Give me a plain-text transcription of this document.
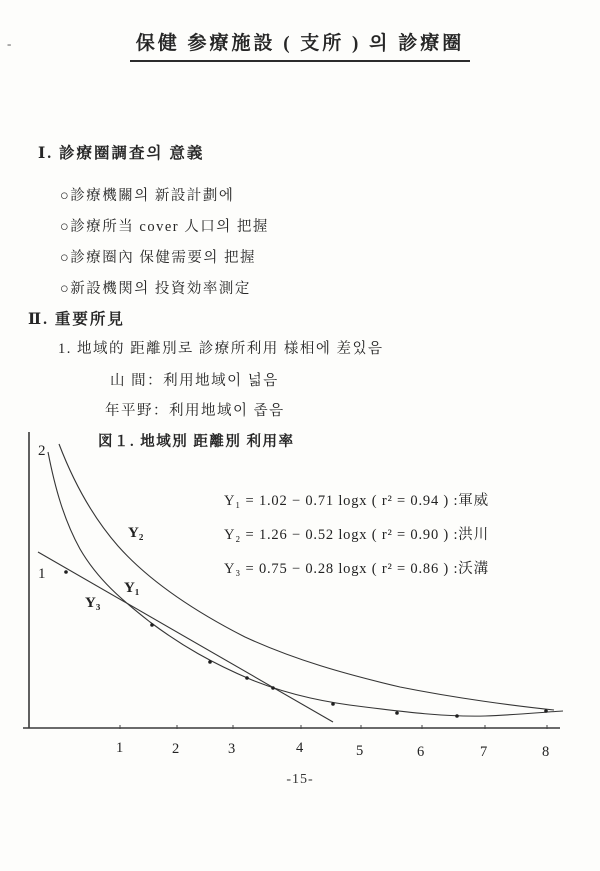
-	保健 参療施設 ( 支所 ) 의 診療圈
Ⅰ. 診療圈調査의 意義
○診療機關의 新設計劃에
○診療所当 cover 人口의 把握
○診療圈內 保健需要의 把握
○新設機関의 投資効率測定
Ⅱ. 重要所見
1. 地域的 距離別로 診療所利用 様相에 差있음
山 間：利用地域이 넓음
年平野：利用地域이 좁음
図１. 地域別 距離別 利用率
1	2	3	4	5	6	7	8
2
1
Y₂
Y₁
Y₃
Y₁ = 1.02 − 0.71 logx ( r² = 0.94 ) :軍威
Y₂ = 1.26 − 0.52 logx ( r² = 0.90 ) :洪川
Y₃ = 0.75 − 0.28 logx ( r² = 0.86 ) :沃溝
-15-
